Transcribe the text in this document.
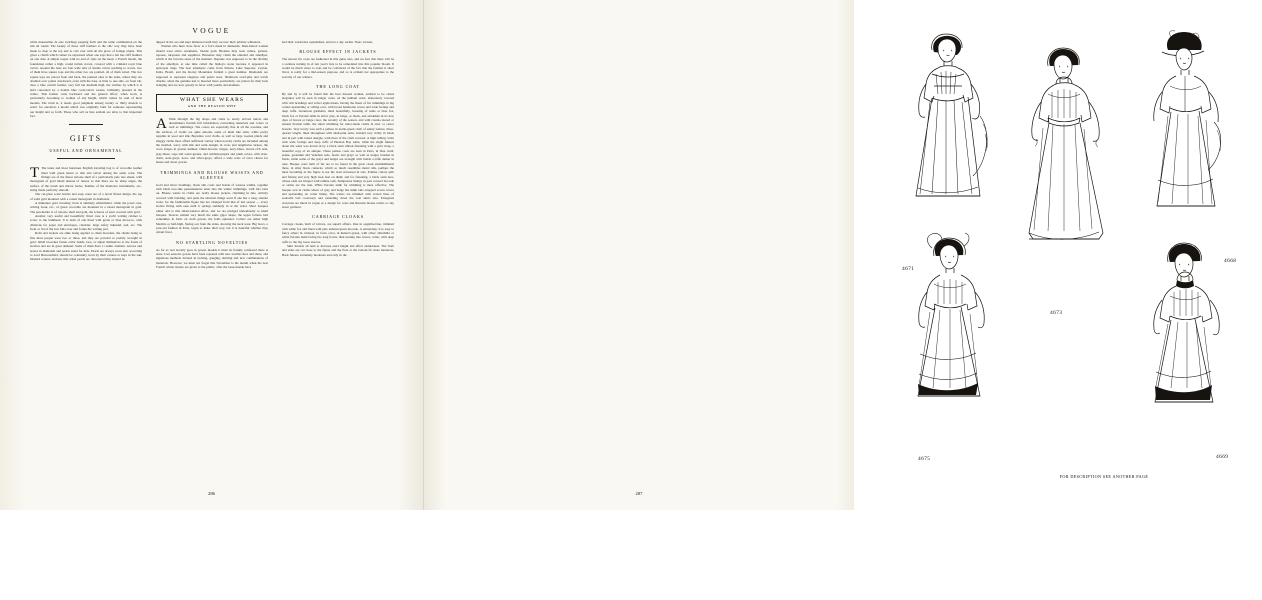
VOGUE
white mousseline de soie swirlings peeping forth and the same combination on the rim all round. The beauty of these stiff feathers is the chic way they have been made to drop at the top and to curl over with all the grace of foliage plants. This gives a charm which cannot be expressed when one says that a hat has stiff feathers on one side. A simple toquet with no end of style on the head, a French model, the foundation rather a high, round turban crown, covered with a crinkled royal blue velvet. Around the base are four wide tabs of double velvet reaching to crown, two of them have square tops and the other two are pointed, all of them wired. The two square tops are placed front and back, the pointed ones at the sides, where they are doubled over points downward, even with the base. A little to one side, on front tab, rises a blue ostrich feather, very full but medium high, the stitches by which it is held concealed by a double blue coral-velvet rosette, brilliantly jeweled in the centre. This feather curls backward and the general effect, when worn, is particularly becoming to women of any height, which cannot be said of most models. The truth is, it needs good judgment among twenty or thirty models to select for ourselves a model which was originally built for someone representing our height and so forth. These who sell us hats seldom are alive to that important fact.
GIFTS
USEFUL AND ORNAMENTAL
T The latest and most luxurious English traveling bag is of crocodile leather lined with green moiré or silk and velvet among the same color. The fittings are of the finest tortoise shell of a particularly pale rare shade, with monogram of gold inlaid instead of raised, so that there are no sharp edges, the surface of the brush and mirror backs, handles of the manicure instruments, etc., being made perfectly smooth.
The cut-glass scent bottles and soap cases are of a novel fluted design, the top of solid gold mounted with a raised monogram in diamonds.
A miniature gold traveling clock is similarly embellished, while the jewel case, writing book, etc., of green crocodile are mounted in a raised monogram in gold. The pen-holder is of tortoise shell and gold, the scissors of steel covered with gold.
Another very useful and beautifully fitted case is a yacht writing cabinet to screw to the bulkhead. It is built of oak lined with green or blue morocco, with divisions for paper and envelopes, calendar, large safety inkstand, pad, etc. The front or lid of the box falls over and forms the writing pad.
Rolls and lockers are alike being applied to chain bracelets, the chains being so fine most people wear two or three, and they are jeweled or prettily wrought in gold. Small brooches fasten collar bands, lace, or adjust themselves to the fronts of bodices and are in great demand. Some of them have a cosmic element. Arrows and leaves in diamonds and pearls stand for luck. Pearls are always worn and, according to Lord Beaconsfield, should be constantly worn by their owners or kept in the sun. Modern science declares that when pearls are discolored they should be
dipped in the sea and kept immersed until they recover their pristine whiteness.
Women who hunt close favor to a fox's mask in diamonds. Dark-haired women should wear silver ornaments, blonde gold. Blondes may wear rubies, garnets, topazes, turquoise and sapphires. Brunettes may claim the emerald and amethyst, which is the favorite stone of the moment. Neptune was supposed to be the divinity of the amethyst, at one time called the bishop's stone because it appeared in episcopal rings. The best amethysts come from Siberia, Lake Superior, Ceylon, India, Brazil, and the Rocky Mountains furnish a great number. Diamonds are supposed to represent elegance and pearls tears. Shamrock scarf-pins and watch charms, when the genuine leaf is inserted more particularly, are prized for their luck bringing and are now greatly in favor with youths and maidens.
WHAT SHE WEARS
AND THE REASON WHY
A Walk through the big shops and visits to newly arrived tailors and dressmakers furnish full information concerning materials and colors as well as trimmings. The colors are especially fine in all the woolens, and the surfaces of cloths are quite smooth, some of them like satin, while pretty repplins in wool and silk, Bayadère cord cloths, as well as large woolen plaids and shaggy cloths most afford sufficient variety when novelty cloths are included among the mottled, wavy with silk and satin designs in cross and lengthwise stripes, the cross stripes in greater number. Omni-browns, beiges, navy-blues, brown rich reds, gray-blues, sage and water-greens, and reddish-purples and plum colors, with slate-drabs, steel-greys, dove- and silver-greys, afford a wide scale of color choice for house and street gowns.
TRIMMINGS AND BLOUSE WAISTS AND SLEEVES
Gold and silver braidings, black silk cords and braids of various widths, together with black lace-like passementerie enter into the winter trimmings, with furs later on. Blouse waists in cloths are really blouse jackets, charming in line, entirely covered with braiding, and quite the smartest things worn if one has a long, slender waist, for the fashionable figure has not changed from that of last season — every bodice fitting with ease until it springs suddenly in at the waist. Short basques rather add to this small-waisted effect, and we are pledged undoubtedly to small basques. Sleeves remain very much the same gigot shape, the upper folness laid sometimes in folds on cloth gowns, the folds upturned. Collars are either high Medicis or half-high, flaring out from the sides, showing the neck wear. Big bows, a year-old fashion in Paris, begin to make their way, but it is doubtful whether they obtain favor.
NO STARTLING NOVELTIES
As far as real novelty goes in gowns models it must be frankly confessed there is none. Last season's gowns have been repeated with new touches here and there, and ingenious methods devised in tucking, gauging, shirring and new combinations of materials. However, we must not forget that November is the month when the best French winter modes are given to the public, after the beau monde have
had their wardrobes replenished, and not a day earlier. Nous verrons.
BLOUSE EFFECT IN JACKETS
The newest fur coats are fashioned in this guise also, and we fear that there will be a reckless turning in of last year's furs to be remodeled into this popular bloom. It would be much wiser to wait and be convinced of the fact that the fashion is short lived, is really for a mid-season purpose, and so is evident not appropriate to the severity of our winters.
THE LONG COAT
By and by it will be found that the best dressed women, entitled to be called elegantes will be seen in longer coats, on the jubilant order, elaborately covered with rich braidings and velvet applications, having the finest of fur trimmings in big collars upstanding or rolling over, with broad handsome revers and wide facings and deep cuffs. Luxurious garments, lined beautifully, boasting of sable or blue fox, black fox or Persian lamb in silver gray, in beige, or black, and astrakhan in its new dyes of brown or beige color, the novelty of the season, and with cream-colored or natural Persian lamb, the smart trimming for tailor-made cloths in otter or castor browns. Very lovely was such a pelisse in bottle-green cloth of satiny texture, three-quarter length, lined throughout with shell-pink satin, braided very richly in black and in part with raised designs, with most of the cloth covered. A high rolling collar with wide facings and deep cuffs of Hudson Bay sable, while the slight fulness about the waist was drawn in by a black satin ribbon fastening with a gold clasp, a beautiful copy of an antique. These pelisse coats are seen in Paris, in blue cloth, prune, geranium and Venetian reds, fawns and grays as well as beiges braided in black, while some of the grays and beiges are wrought with braids a trifle darker in tone. Basque coats built of fur are to be found in the great cloak establishments there, in silky black camacás, which so much resembles moiré silk, perhaps the most becoming as the figure is not the least increased in size. Ermine collars split and flaring and very high look best on them; and for fastening, a black satin bow, whose ends are fringed with ermine tails. Sumptuous linings in pale colored brocade or satins are the rule. White Persian lamb for trimming is most effective. The basque coat in cloths where of gray and beige has mink tails strapped across revers and upstanding on collar lining. The waists are trimmed with waved lines of soutache laid crossways and extending down the coat skirts also. Elongated crescents are much in vogue as a design for coats and Russian blouse waists or any street garment.
CARRIAGE CLOAKS
Carriage cloaks, built of velvets, are superb affairs. One in sapphire-blue, trimmed with white fox and lined with pale almond-green brocade, is entrancing. It is easy to fancy others in crimson, in fawn color, in hunter's-green, with silver chinchilla or white Persian lamb facing the long fronts, then turning into revers; collar, with deep cuffs to the big loose sleeves.
Skirt models all tend to increase one's height and affect slenderness. The front and sides are cut close to the figure and the flare at the bottom far more moderate. Back fulness extremely moderate and only in the
286
4671
4673
4675
4668
4669
FOR DESCRIPTION SEE ANOTHER PAGE
287
